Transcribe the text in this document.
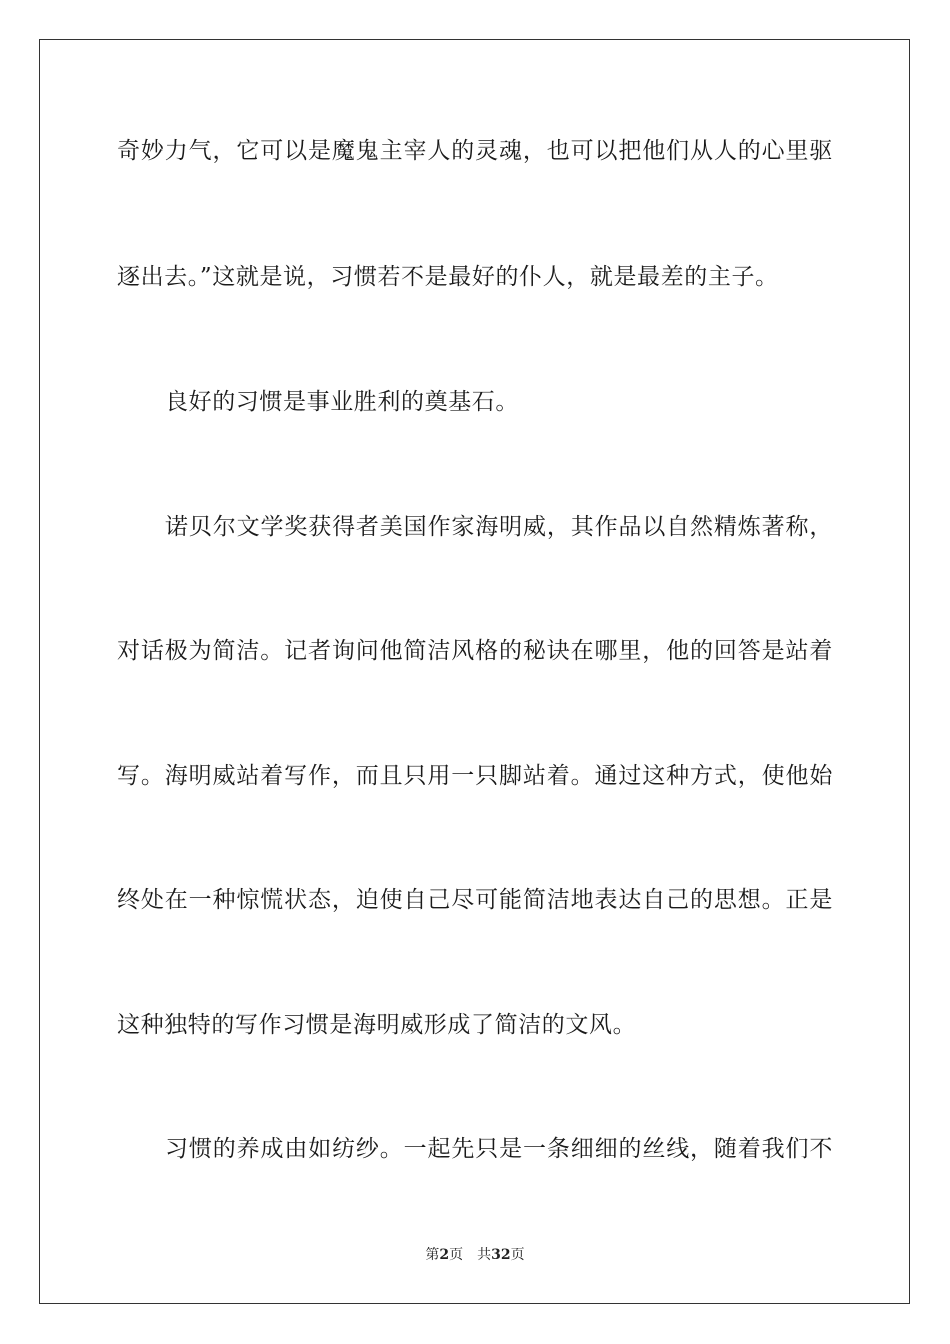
奇妙力气，它可以是魔鬼主宰人的灵魂，也可以把他们从人的心里驱
逐出去。”这就是说，习惯若不是最好的仆人，就是最差的主子。
良好的习惯是事业胜利的奠基石。
诺贝尔文学奖获得者美国作家海明威，其作品以自然精炼著称，
对话极为简洁。记者询问他简洁风格的秘诀在哪里，他的回答是站着
写。海明威站着写作，而且只用一只脚站着。通过这种方式，使他始
终处在一种惊慌状态，迫使自己尽可能简洁地表达自己的思想。正是
这种独特的写作习惯是海明威形成了简洁的文风。
习惯的养成由如纺纱。一起先只是一条细细的丝线，随着我们不
第2页 共32页
